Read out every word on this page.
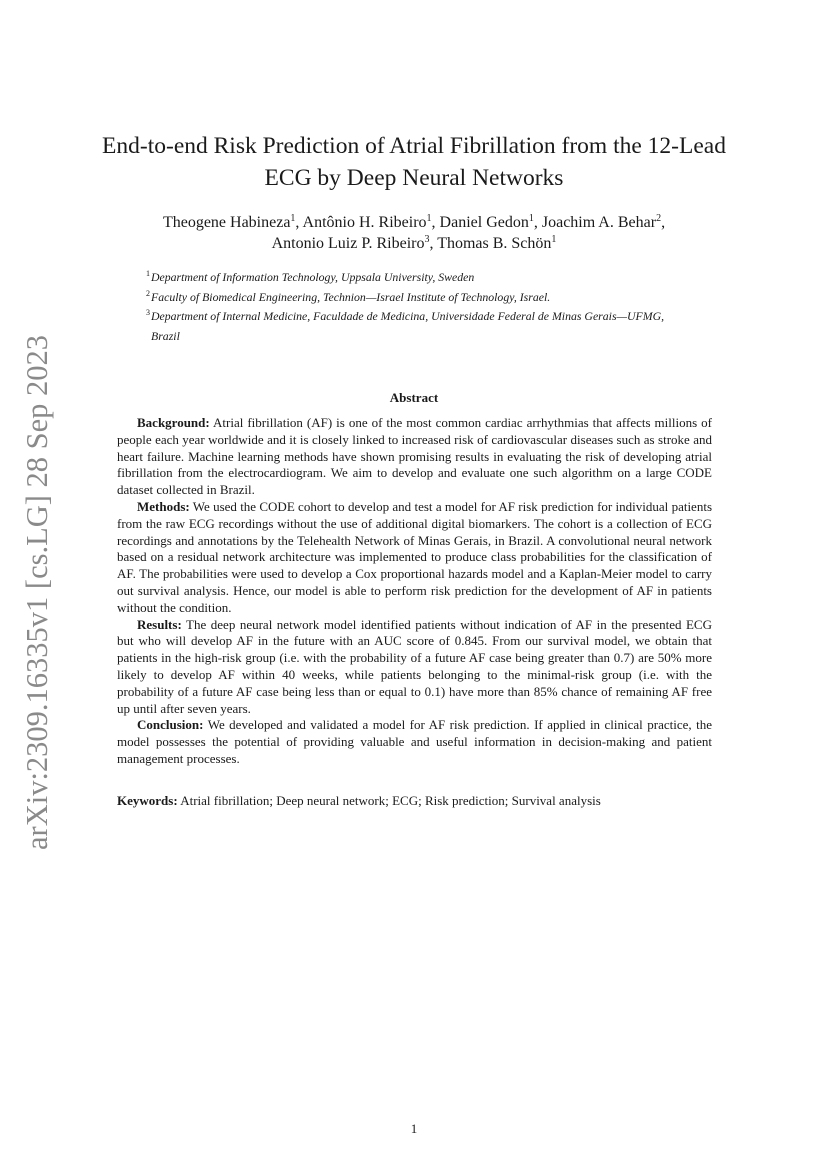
arXiv:2309.16335v1 [cs.LG] 28 Sep 2023
End-to-end Risk Prediction of Atrial Fibrillation from the 12-Lead ECG by Deep Neural Networks
Theogene Habineza$^1$, Antônio H. Ribeiro$^1$, Daniel Gedon$^1$, Joachim A. Behar$^2$,
Antonio Luiz P. Ribeiro$^3$, Thomas B. Schön$^1$
1 Department of Information Technology, Uppsala University, Sweden
2 Faculty of Biomedical Engineering, Technion—Israel Institute of Technology, Israel.
3 Department of Internal Medicine, Faculdade de Medicina, Universidade Federal de Minas Gerais—UFMG, Brazil
Abstract

Background: Atrial fibrillation (AF) is one of the most common cardiac arrhythmias that affects millions of people each year worldwide and it is closely linked to increased risk of cardiovascular diseases such as stroke and heart failure. Machine learning methods have shown promising results in evaluating the risk of developing atrial fibrillation from the electrocardiogram. We aim to develop and evaluate one such algorithm on a large CODE dataset collected in Brazil.

Methods: We used the CODE cohort to develop and test a model for AF risk prediction for individual patients from the raw ECG recordings without the use of additional digital biomarkers. The cohort is a collection of ECG recordings and annotations by the Telehealth Network of Minas Gerais, in Brazil. A convolutional neural network based on a residual network architecture was implemented to produce class probabilities for the classification of AF. The probabilities were used to develop a Cox proportional hazards model and a Kaplan-Meier model to carry out survival analysis. Hence, our model is able to perform risk prediction for the development of AF in patients without the condition.

Results: The deep neural network model identified patients without indication of AF in the presented ECG but who will develop AF in the future with an AUC score of 0.845. From our survival model, we obtain that patients in the high-risk group (i.e. with the probability of a future AF case being greater than 0.7) are 50% more likely to develop AF within 40 weeks, while patients belonging to the minimal-risk group (i.e. with the probability of a future AF case being less than or equal to 0.1) have more than 85% chance of remaining AF free up until after seven years.

Conclusion: We developed and validated a model for AF risk prediction. If applied in clinical practice, the model possesses the potential of providing valuable and useful information in decision-making and patient management processes.

Keywords: Atrial fibrillation; Deep neural network; ECG; Risk prediction; Survival analysis
1
